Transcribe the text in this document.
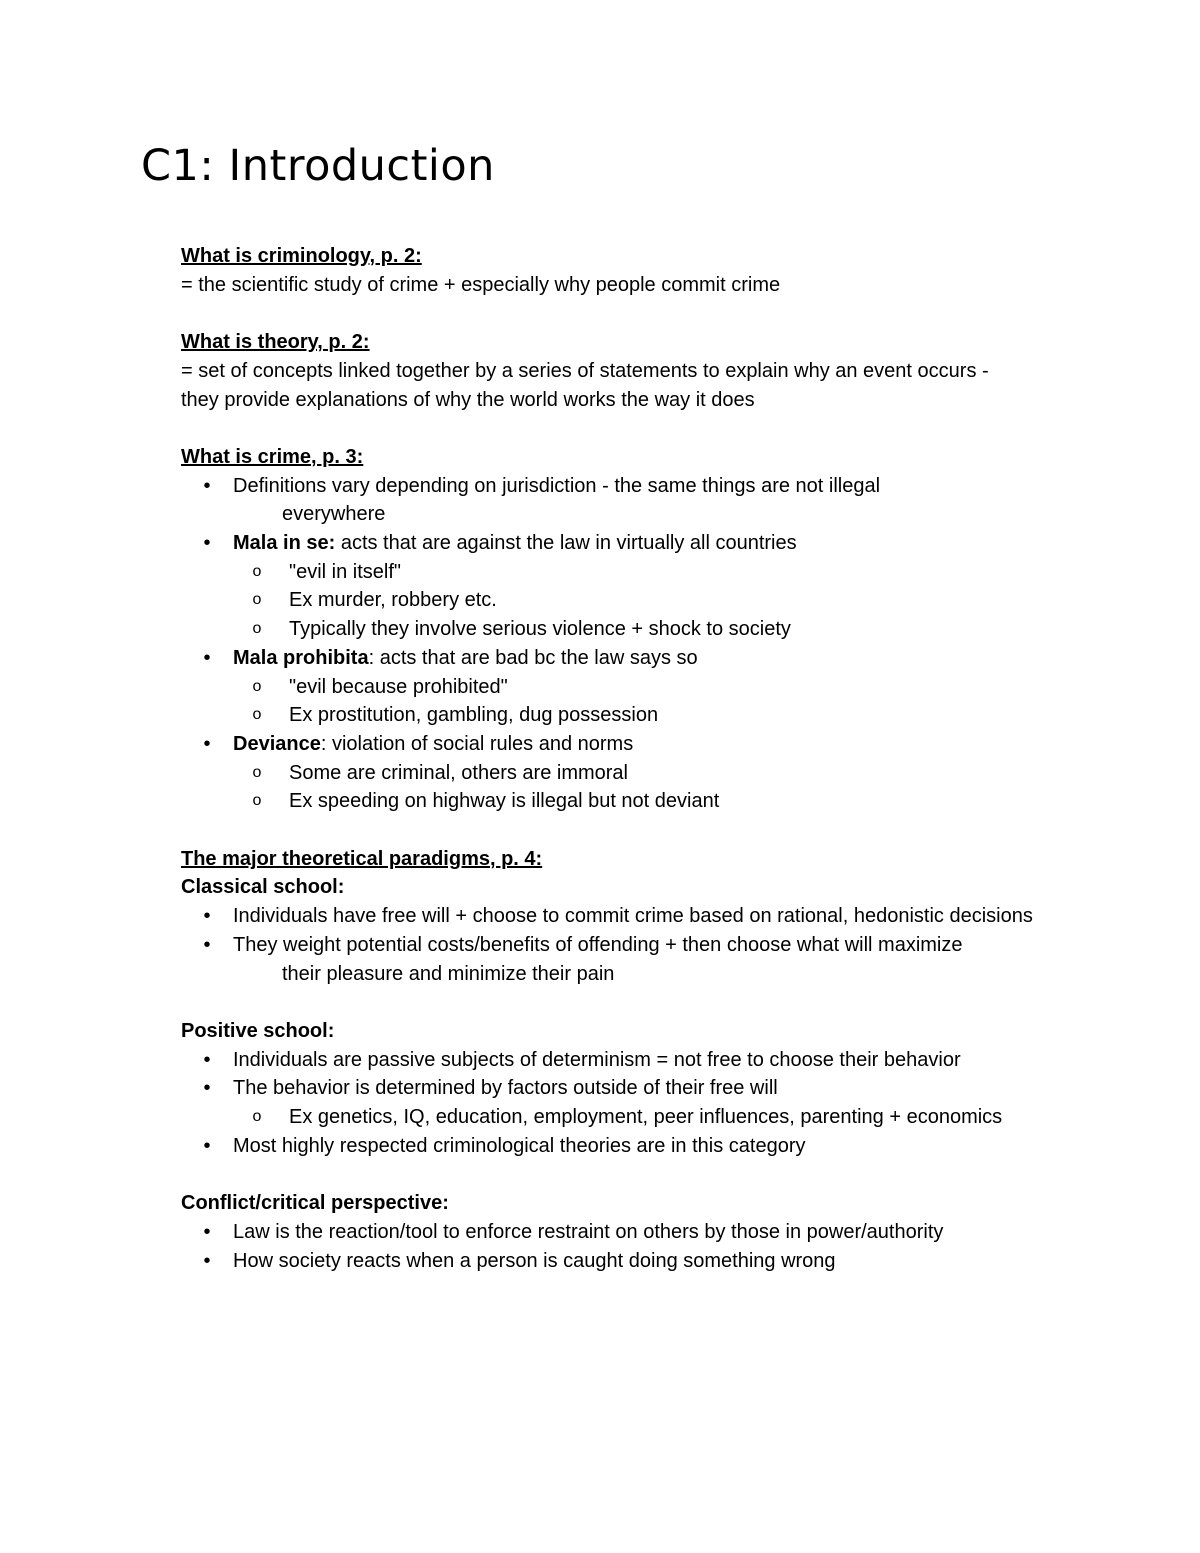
C1: Introduction
What is criminology, p. 2:
= the scientific study of crime + especially why people commit crime
What is theory, p. 2:
= set of concepts linked together by a series of statements to explain why an event occurs -
they provide explanations of why the world works the way it does
What is crime, p. 3:
•	Definitions vary depending on jurisdiction - the same things are not illegal everywhere
•	Mala in se: acts that are against the law in virtually all countries
o "evil in itself"
o Ex murder, robbery etc.
o Typically they involve serious violence + shock to society
•	Mala prohibita: acts that are bad bc the law says so
o "evil because prohibited"
o Ex prostitution, gambling, dug possession
•	Deviance: violation of social rules and norms
o Some are criminal, others are immoral
o Ex speeding on highway is illegal but not deviant
The major theoretical paradigms, p. 4:
Classical school:
•	Individuals have free will + choose to commit crime based on rational, hedonistic decisions
•	They weight potential costs/benefits of offending + then choose what will maximize their pleasure and minimize their pain
Positive school:
•	Individuals are passive subjects of determinism = not free to choose their behavior
•	The behavior is determined by factors outside of their free will
o Ex genetics, IQ, education, employment, peer influences, parenting + economics
•	Most highly respected criminological theories are in this category
Conflict/critical perspective:
•	Law is the reaction/tool to enforce restraint on others by those in power/authority
•	How society reacts when a person is caught doing something wrong
